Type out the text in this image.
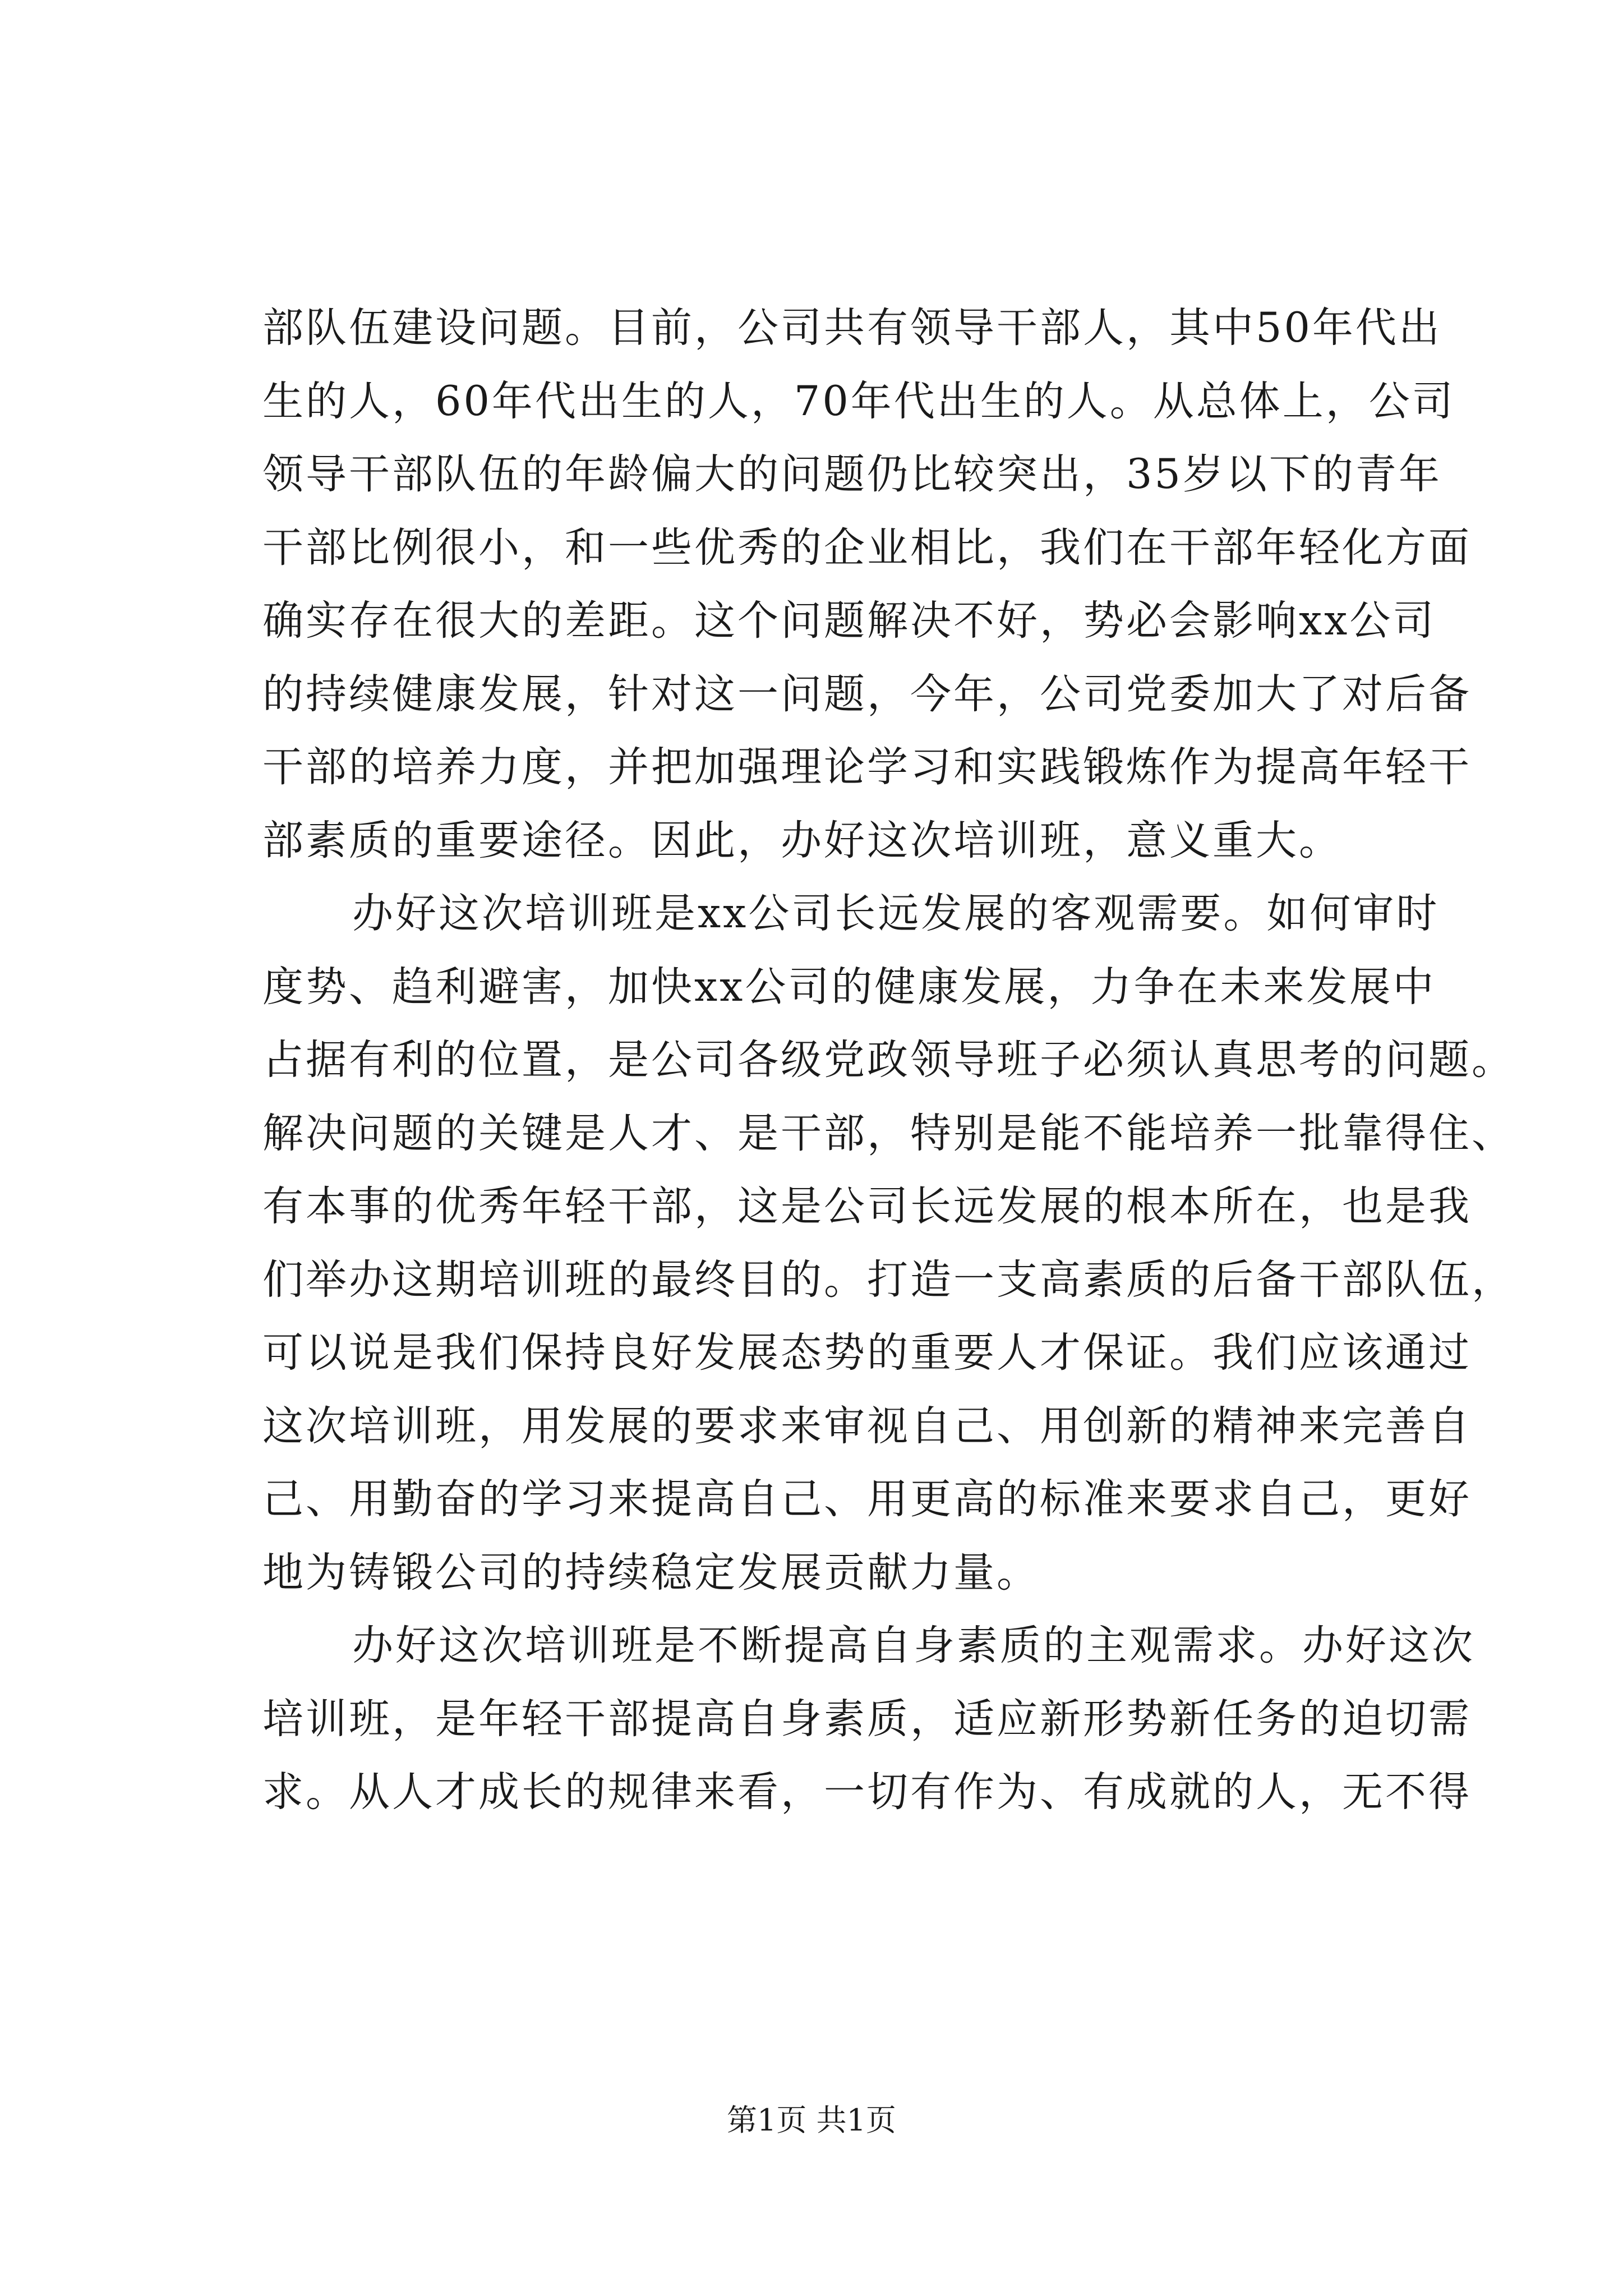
部队伍建设问题。目前，公司共有领导干部人，其中50年代出
生的人，60年代出生的人，70年代出生的人。从总体上，公司
领导干部队伍的年龄偏大的问题仍比较突出，35岁以下的青年
干部比例很小，和一些优秀的企业相比，我们在干部年轻化方面
确实存在很大的差距。这个问题解决不好，势必会影响xx公司
的持续健康发展，针对这一问题，今年，公司党委加大了对后备
干部的培养力度，并把加强理论学习和实践锻炼作为提高年轻干
部素质的重要途径。因此，办好这次培训班，意义重大。
办好这次培训班是xx公司长远发展的客观需要。如何审时
度势、趋利避害，加快xx公司的健康发展，力争在未来发展中
占据有利的位置，是公司各级党政领导班子必须认真思考的问题。
解决问题的关键是人才、是干部，特别是能不能培养一批靠得住、
有本事的优秀年轻干部，这是公司长远发展的根本所在，也是我
们举办这期培训班的最终目的。打造一支高素质的后备干部队伍，
可以说是我们保持良好发展态势的重要人才保证。我们应该通过
这次培训班，用发展的要求来审视自己、用创新的精神来完善自
己、用勤奋的学习来提高自己、用更高的标准来要求自己，更好
地为铸锻公司的持续稳定发展贡献力量。
办好这次培训班是不断提高自身素质的主观需求。办好这次
培训班，是年轻干部提高自身素质，适应新形势新任务的迫切需
求。从人才成长的规律来看，一切有作为、有成就的人，无不得
第1页 共1页
